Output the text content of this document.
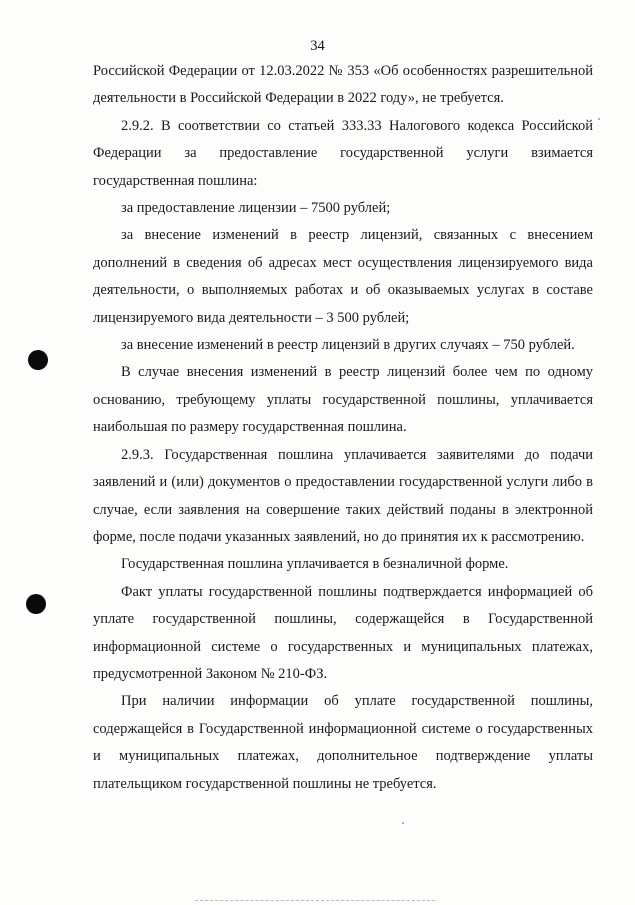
34

Российской Федерации от 12.03.2022 № 353 «Об особенностях разрешительной деятельности в Российской Федерации в 2022 году», не требуется.

2.9.2. В соответствии со статьей 333.33 Налогового кодекса Российской Федерации за предоставление государственной услуги взимается государственная пошлина:

за предоставление лицензии – 7500 рублей;

за внесение изменений в реестр лицензий, связанных с внесением дополнений в сведения об адресах мест осуществления лицензируемого вида деятельности, о выполняемых работах и об оказываемых услугах в составе лицензируемого вида деятельности – 3 500 рублей;

за внесение изменений в реестр лицензий в других случаях – 750 рублей.

В случае внесения изменений в реестр лицензий более чем по одному основанию, требующему уплаты государственной пошлины, уплачивается наибольшая по размеру государственная пошлина.

2.9.3. Государственная пошлина уплачивается заявителями до подачи заявлений и (или) документов о предоставлении государственной услуги либо в случае, если заявления на совершение таких действий поданы в электронной форме, после подачи указанных заявлений, но до принятия их к рассмотрению.

Государственная пошлина уплачивается в безналичной форме.

Факт уплаты государственной пошлины подтверждается информацией об уплате государственной пошлины, содержащейся в Государственной информационной системе о государственных и муниципальных платежах, предусмотренной Законом № 210-ФЗ.

При наличии информации об уплате государственной пошлины, содержащейся в Государственной информационной системе о государственных и муниципальных платежах, дополнительное подтверждение уплаты плательщиком государственной пошлины не требуется.
